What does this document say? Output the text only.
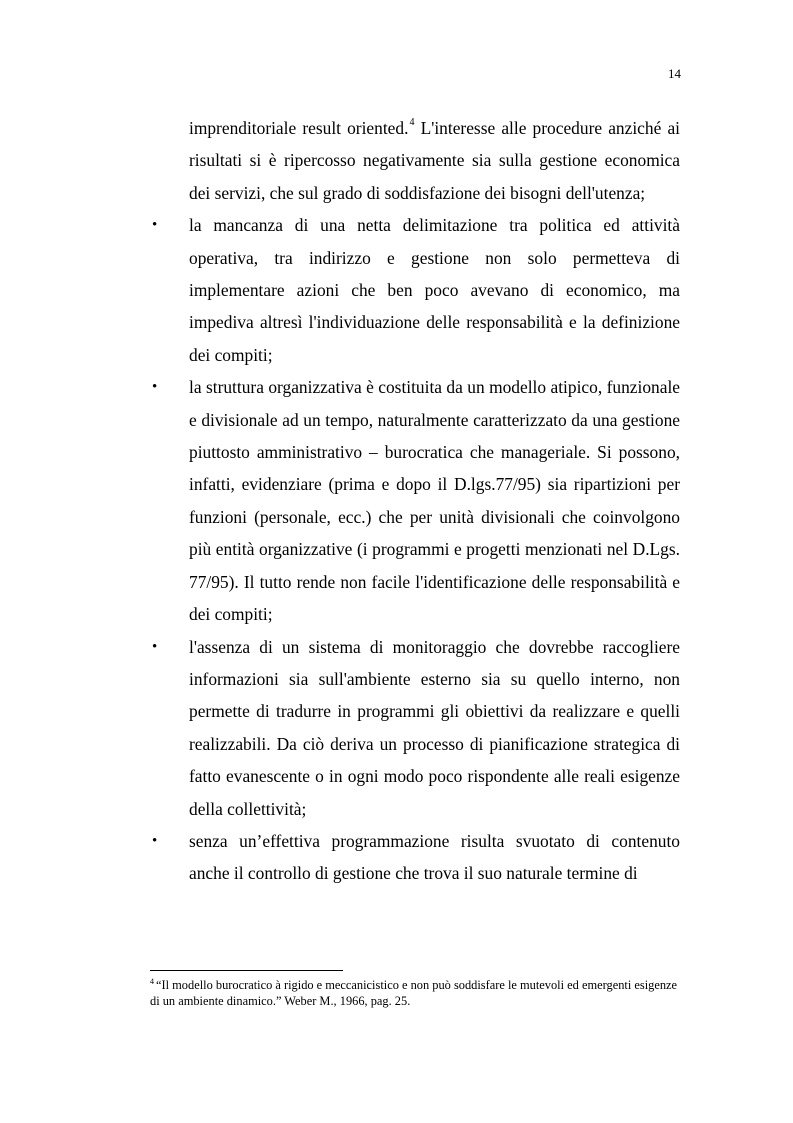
14

imprenditoriale result oriented.$^4$ L'interesse alle procedure anziché ai risultati si è ripercosso negativamente sia sulla gestione economica dei servizi, che sul grado di soddisfazione dei bisogni dell'utenza;

• la mancanza di una netta delimitazione tra politica ed attività operativa, tra indirizzo e gestione non solo permetteva di implementare azioni che ben poco avevano di economico, ma impediva altresì l'individuazione delle responsabilità e la definizione dei compiti;
• la struttura organizzativa è costituita da un modello atipico, funzionale e divisionale ad un tempo, naturalmente caratterizzato da una gestione piuttosto amministrativo – burocratica che manageriale. Si possono, infatti, evidenziare (prima e dopo il D.lgs.77/95) sia ripartizioni per funzioni (personale, ecc.) che per unità divisionali che coinvolgono più entità organizzative (i programmi e progetti menzionati nel D.Lgs. 77/95). Il tutto rende non facile l'identificazione delle responsabilità e dei compiti;
• l'assenza di un sistema di monitoraggio che dovrebbe raccogliere informazioni sia sull'ambiente esterno sia su quello interno, non permette di tradurre in programmi gli obiettivi da realizzare e quelli realizzabili. Da ciò deriva un processo di pianificazione strategica di fatto evanescente o in ogni modo poco rispondente alle reali esigenze della collettività;
• senza un’effettiva programmazione risulta svuotato di contenuto anche il controllo di gestione che trova il suo naturale termine di
$^4$ “Il modello burocratico à rigido e meccanicistico e non può soddisfare le mutevoli ed emergenti esigenze di un ambiente dinamico.” Weber M., 1966, pag. 25.
